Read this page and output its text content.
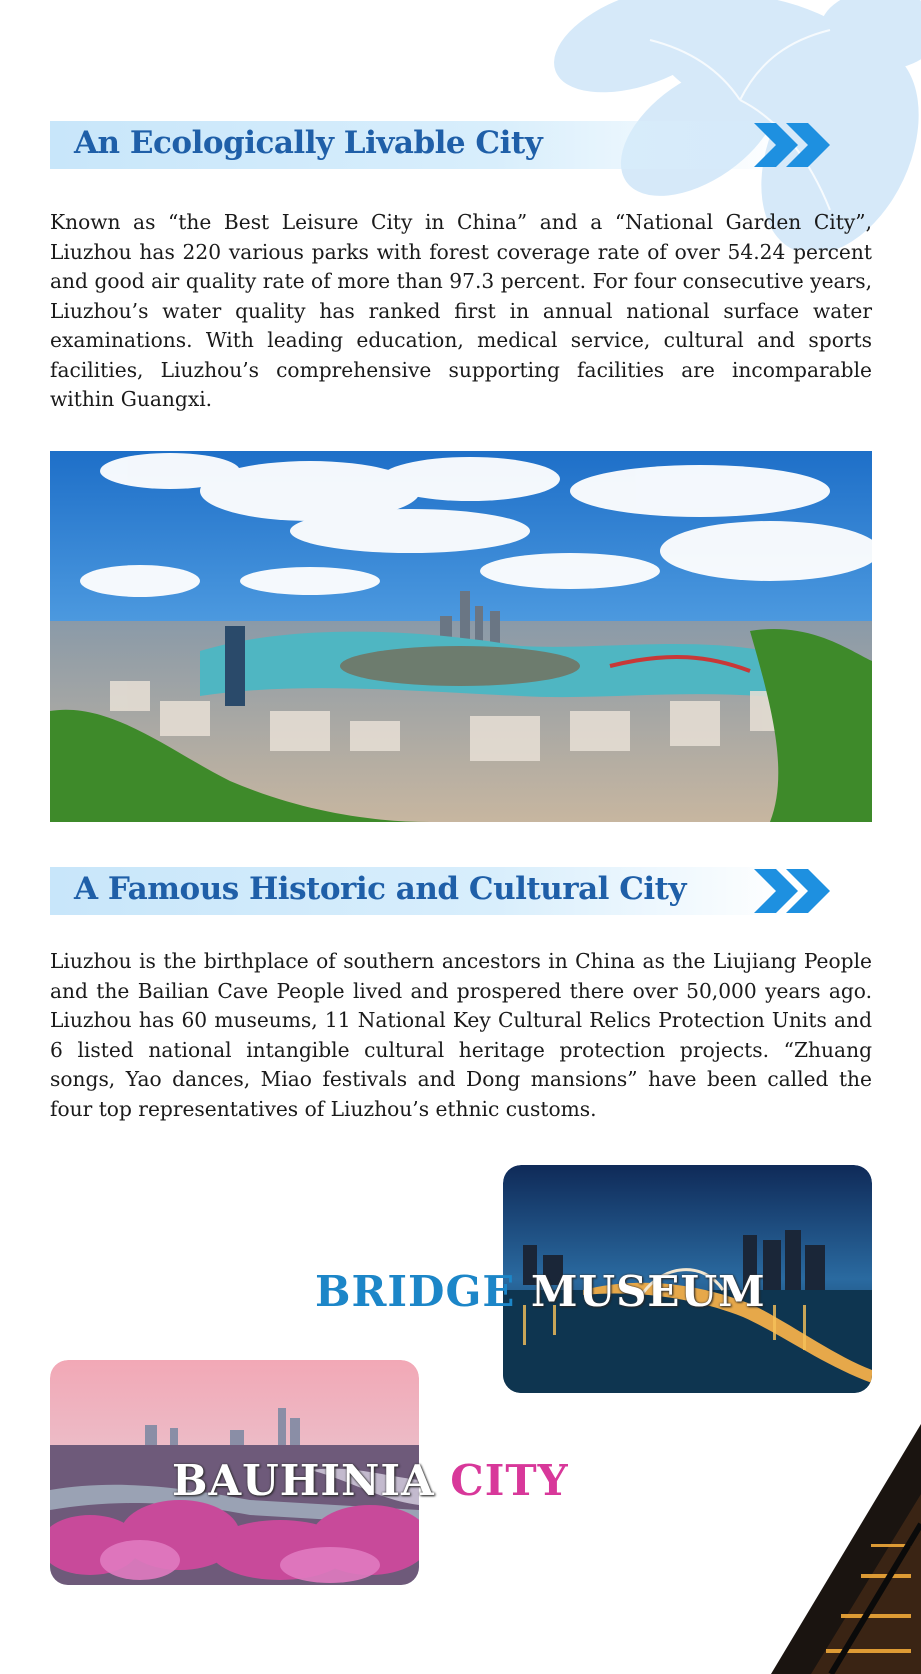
An Ecologically Livable City

Known as “the Best Leisure City in China” and a “National Garden City”, Liuzhou has 220 various parks with forest coverage rate of over 54.24 percent and good air quality rate of more than 97.3 percent. For four consecutive years, Liuzhou’s water quality has ranked first in annual national surface water examinations. With leading education, medical service, cultural and sports facilities, Liuzhou’s comprehensive supporting facilities are incomparable within Guangxi.

A Famous Historic and Cultural City

Liuzhou is the birthplace of southern ancestors in China as the Liujiang People and the Bailian Cave People lived and prospered there over 50,000 years ago. Liuzhou has 60 museums, 11 National Key Cultural Relics Protection Units and 6 listed national intangible cultural heritage protection projects. “Zhuang songs, Yao dances, Miao festivals and Dong mansions” have been called the four top representatives of Liuzhou’s ethnic customs.

BRIDGE MUSEUM
BAUHINIA CITY
